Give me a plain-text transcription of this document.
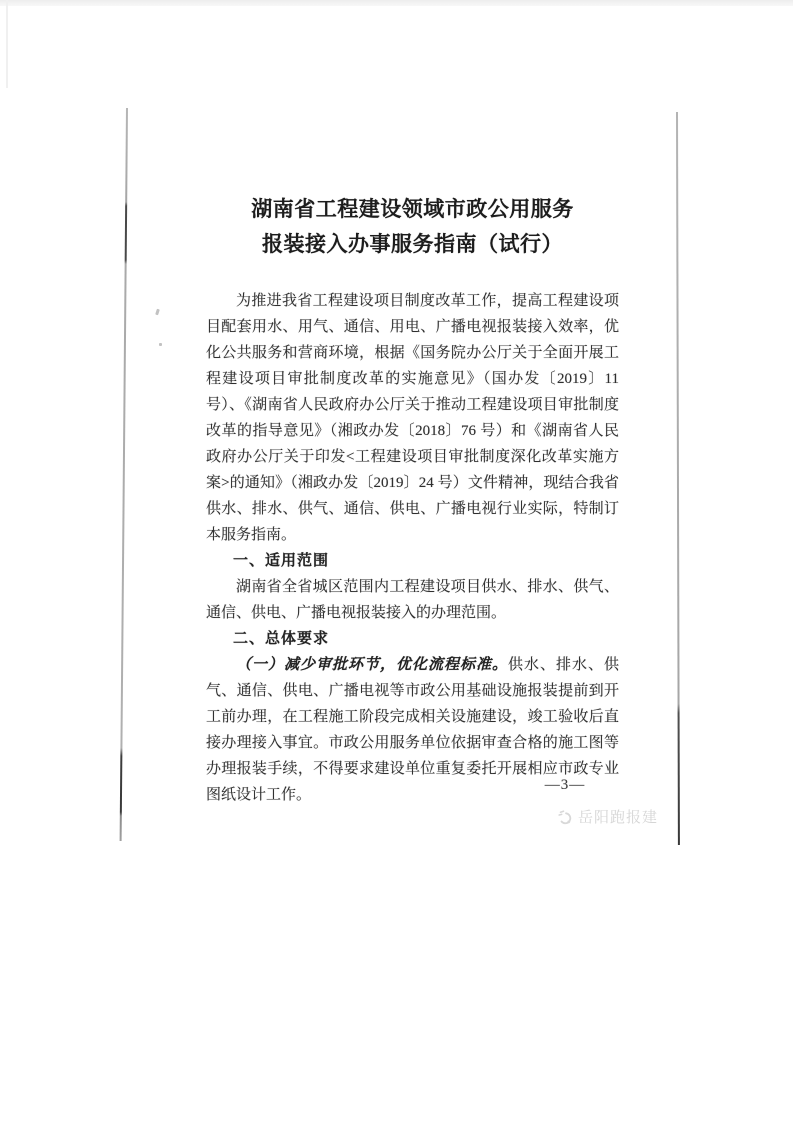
湖南省工程建设领域市政公用服务
报装接入办事服务指南（试行）

为推进我省工程建设项目制度改革工作，提高工程建设项目配套用水、用气、通信、用电、广播电视报装接入效率，优化公共服务和营商环境，根据《国务院办公厅关于全面开展工程建设项目审批制度改革的实施意见》（国办发〔2019〕11 号）、《湖南省人民政府办公厅关于推动工程建设项目审批制度改革的指导意见》（湘政办发〔2018〕76 号）和《湖南省人民政府办公厅关于印发<工程建设项目审批制度深化改革实施方案>的通知》（湘政办发〔2019〕24 号）文件精神，现结合我省供水、排水、供气、通信、供电、广播电视行业实际，特制订本服务指南。

一、适用范围

湖南省全省城区范围内工程建设项目供水、排水、供气、通信、供电、广播电视报装接入的办理范围。

二、总体要求

（一）减少审批环节，优化流程标准。供水、排水、供气、通信、供电、广播电视等市政公用基础设施报装提前到开工前办理，在工程施工阶段完成相关设施建设，竣工验收后直接办理接入事宜。市政公用服务单位依据审查合格的施工图等办理报装手续，不得要求建设单位重复委托开展相应市政专业图纸设计工作。

—3—
岳阳跑报建
